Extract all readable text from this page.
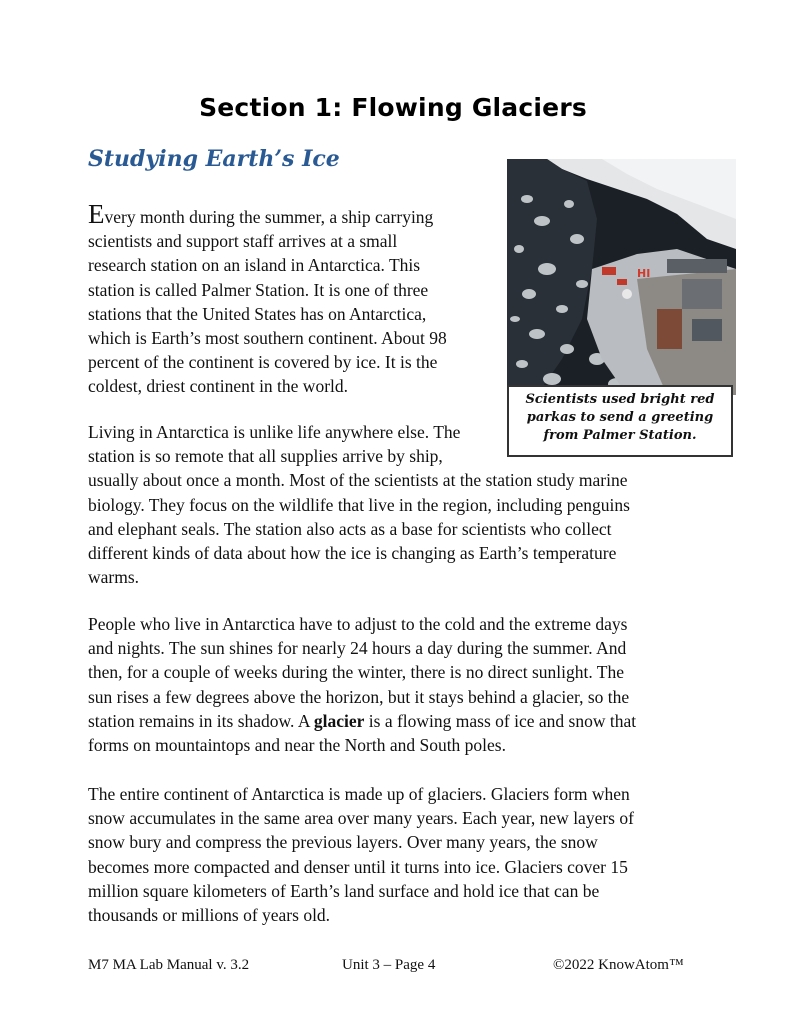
Section 1: Flowing Glaciers
Studying Earth’s Ice
Every month during the summer, a ship carrying
scientists and support staff arrives at a small
research station on an island in Antarctica. This
station is called Palmer Station. It is one of three
stations that the United States has on Antarctica,
which is Earth’s most southern continent. About 98
percent of the continent is covered by ice. It is the
coldest, driest continent in the world.
HI
Scientists used bright red
parkas to send a greeting
from Palmer Station.
Living in Antarctica is unlike life anywhere else. The
station is so remote that all supplies arrive by ship,
usually about once a month. Most of the scientists at the station study marine
biology. They focus on the wildlife that live in the region, including penguins
and elephant seals. The station also acts as a base for scientists who collect
different kinds of data about how the ice is changing as Earth’s temperature
warms.
People who live in Antarctica have to adjust to the cold and the extreme days
and nights. The sun shines for nearly 24 hours a day during the summer. And
then, for a couple of weeks during the winter, there is no direct sunlight. The
sun rises a few degrees above the horizon, but it stays behind a glacier, so the
station remains in its shadow. A glacier is a flowing mass of ice and snow that
forms on mountaintops and near the North and South poles.
The entire continent of Antarctica is made up of glaciers. Glaciers form when
snow accumulates in the same area over many years. Each year, new layers of
snow bury and compress the previous layers. Over many years, the snow
becomes more compacted and denser until it turns into ice. Glaciers cover 15
million square kilometers of Earth’s land surface and hold ice that can be
thousands or millions of years old.
M7 MA Lab Manual v. 3.2	Unit 3 – Page 4	©2022 KnowAtom™
